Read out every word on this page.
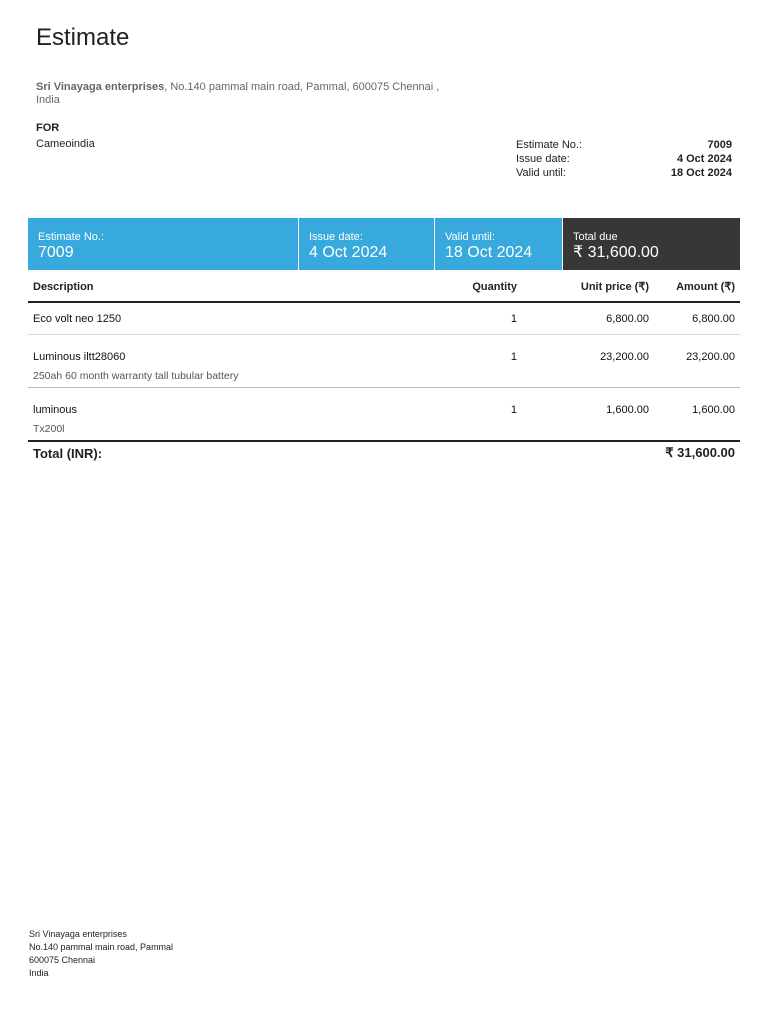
Estimate
Sri Vinayaga enterprises, No.140 pammal main road, Pammal, 600075 Chennai , India
FOR
Cameoindia	Estimate No.:	7009
Issue date:	4 Oct 2024
Valid until:	18 Oct 2024
Estimate No.:
7009
Issue date:
4 Oct 2024
Valid until:
18 Oct 2024
Total due
₹ 31,600.00
Description	Quantity	Unit price (₹)	Amount (₹)
Eco volt neo 1250	1	6,800.00	6,800.00
Luminous iltt28060	1	23,200.00	23,200.00
250ah 60 month warranty tall tubular battery			
luminous	1	1,600.00	1,600.00
Tx200l			
Total (INR):		₹ 31,600.00	
Sri Vinayaga enterprises
No.140 pammal main road, Pammal
600075 Chennai
India
